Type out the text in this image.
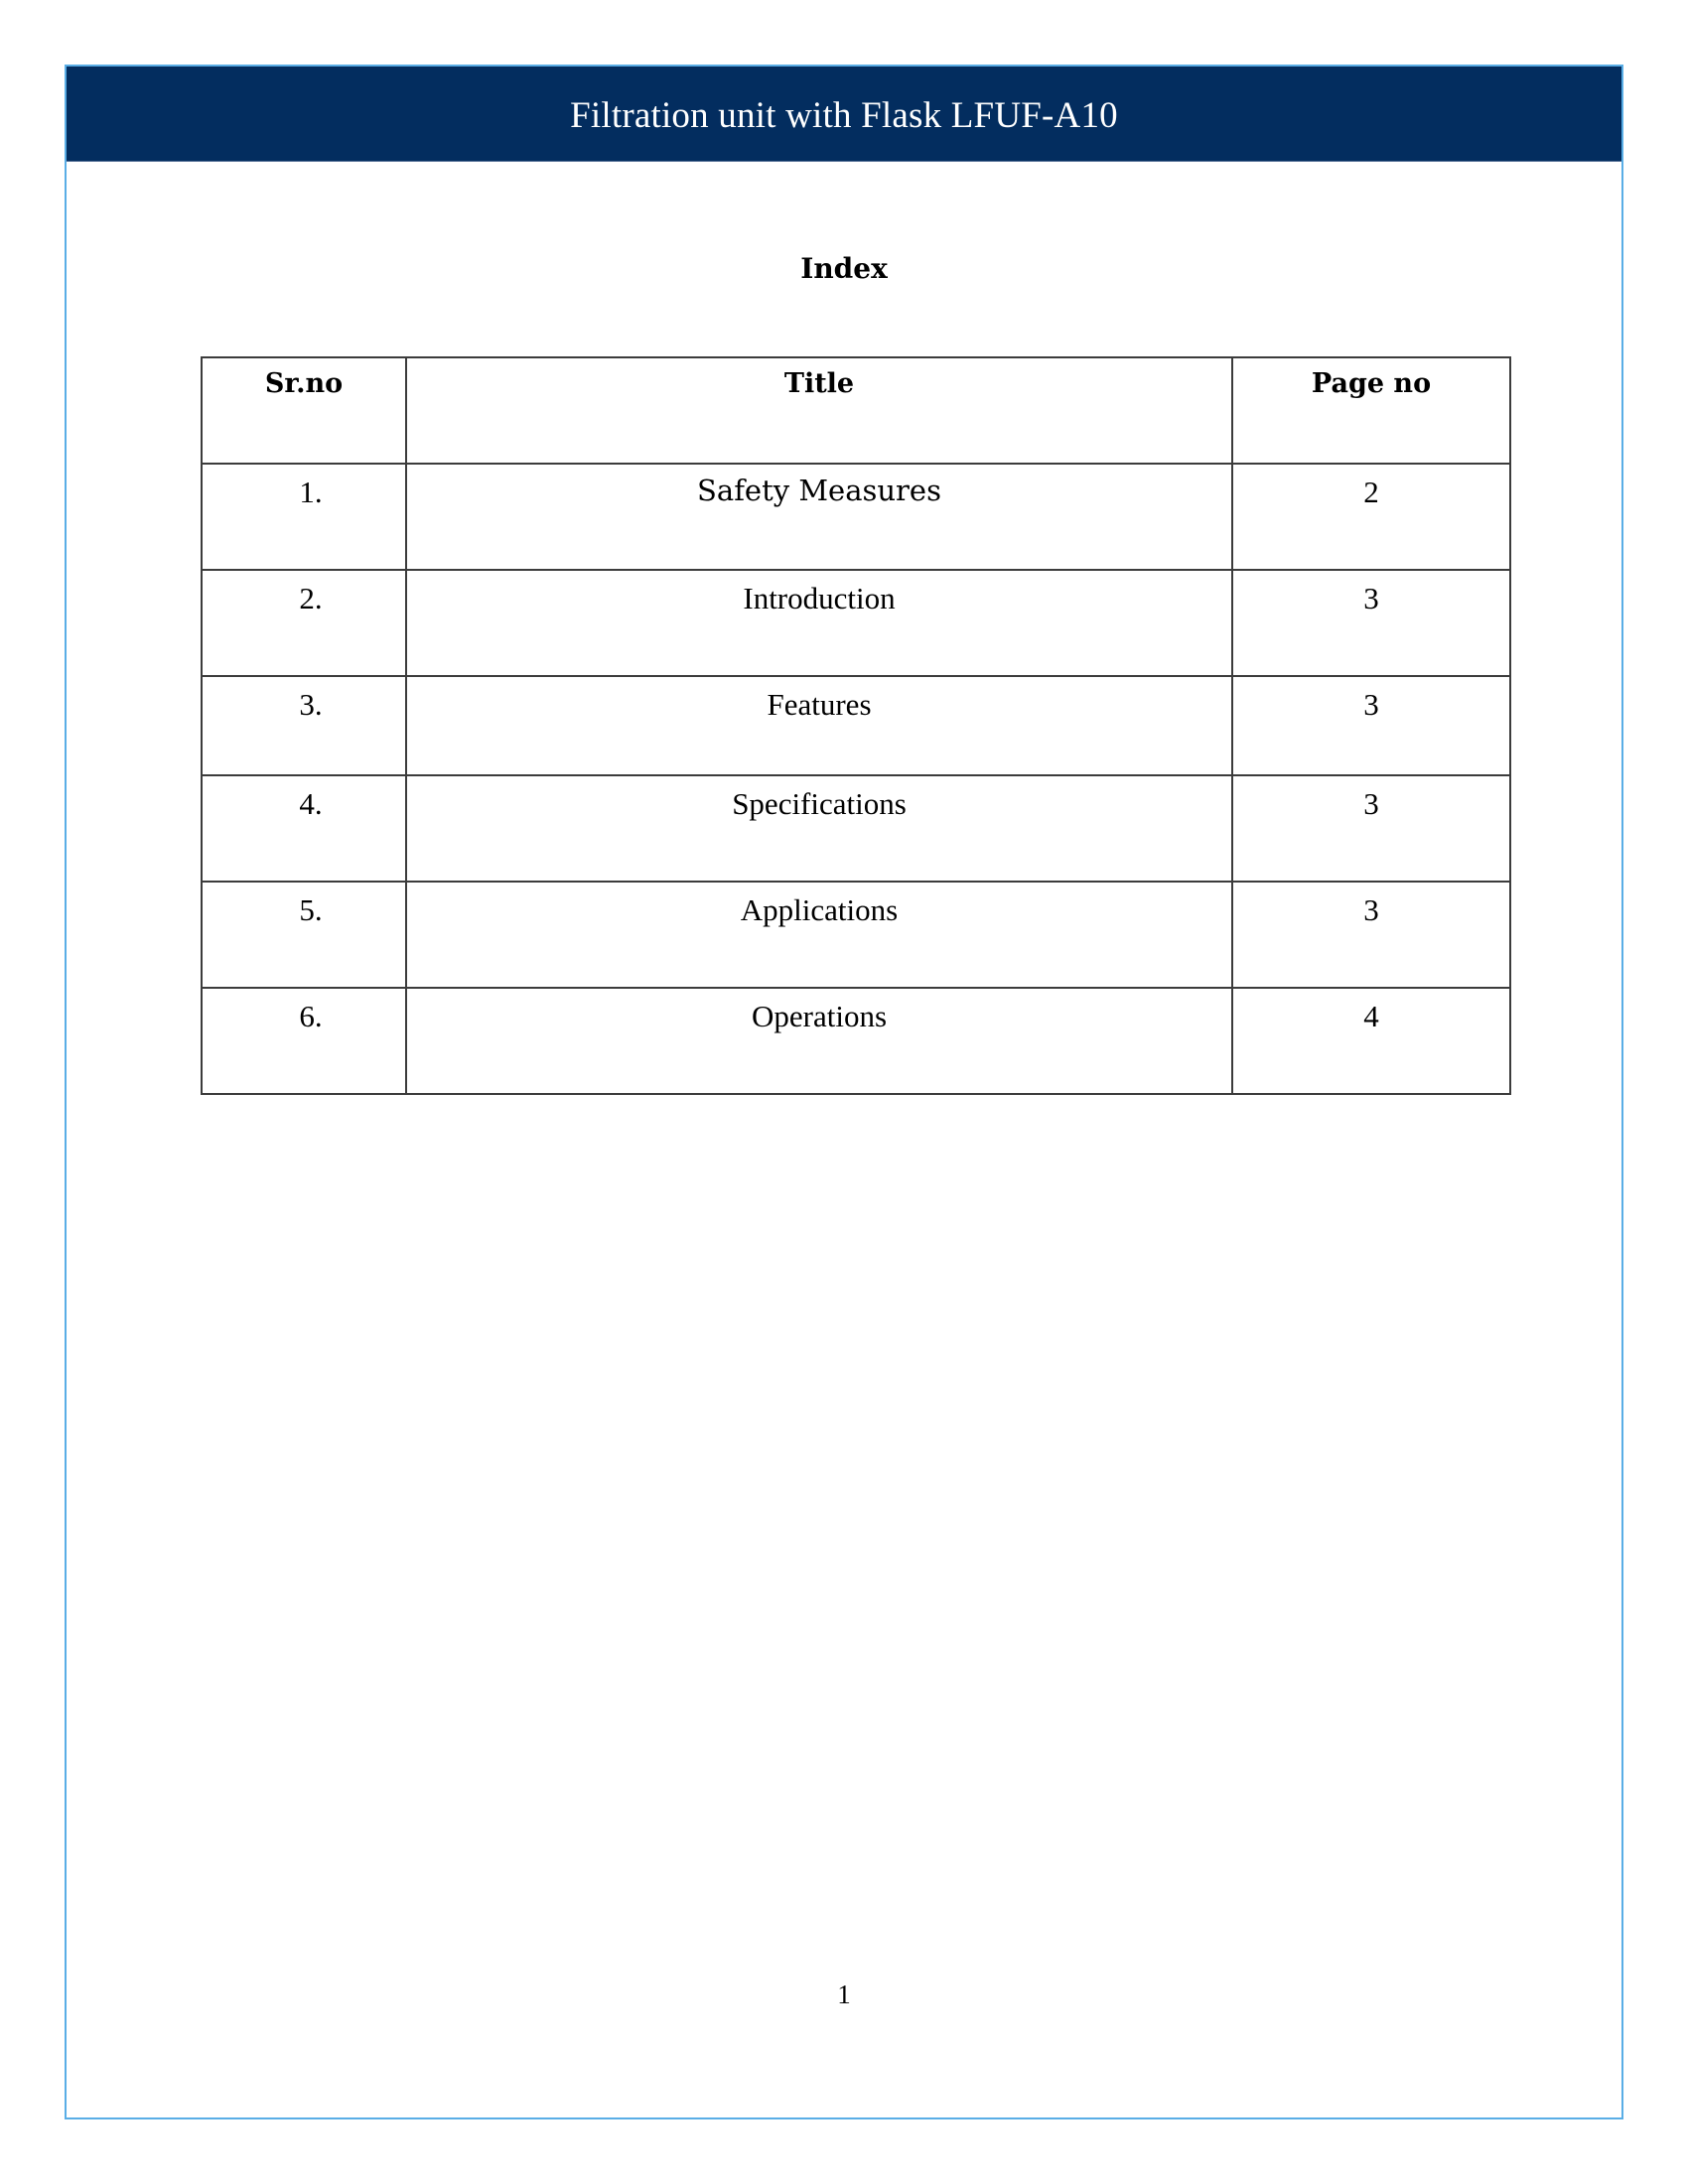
Filtration unit with Flask LFUF-A10
Index
Sr.no	Title	Page no
1.	Safety Measures	2
2.	Introduction	3
3.	Features	3
4.	Specifications	3
5.	Applications	3
6.	Operations	4
1
